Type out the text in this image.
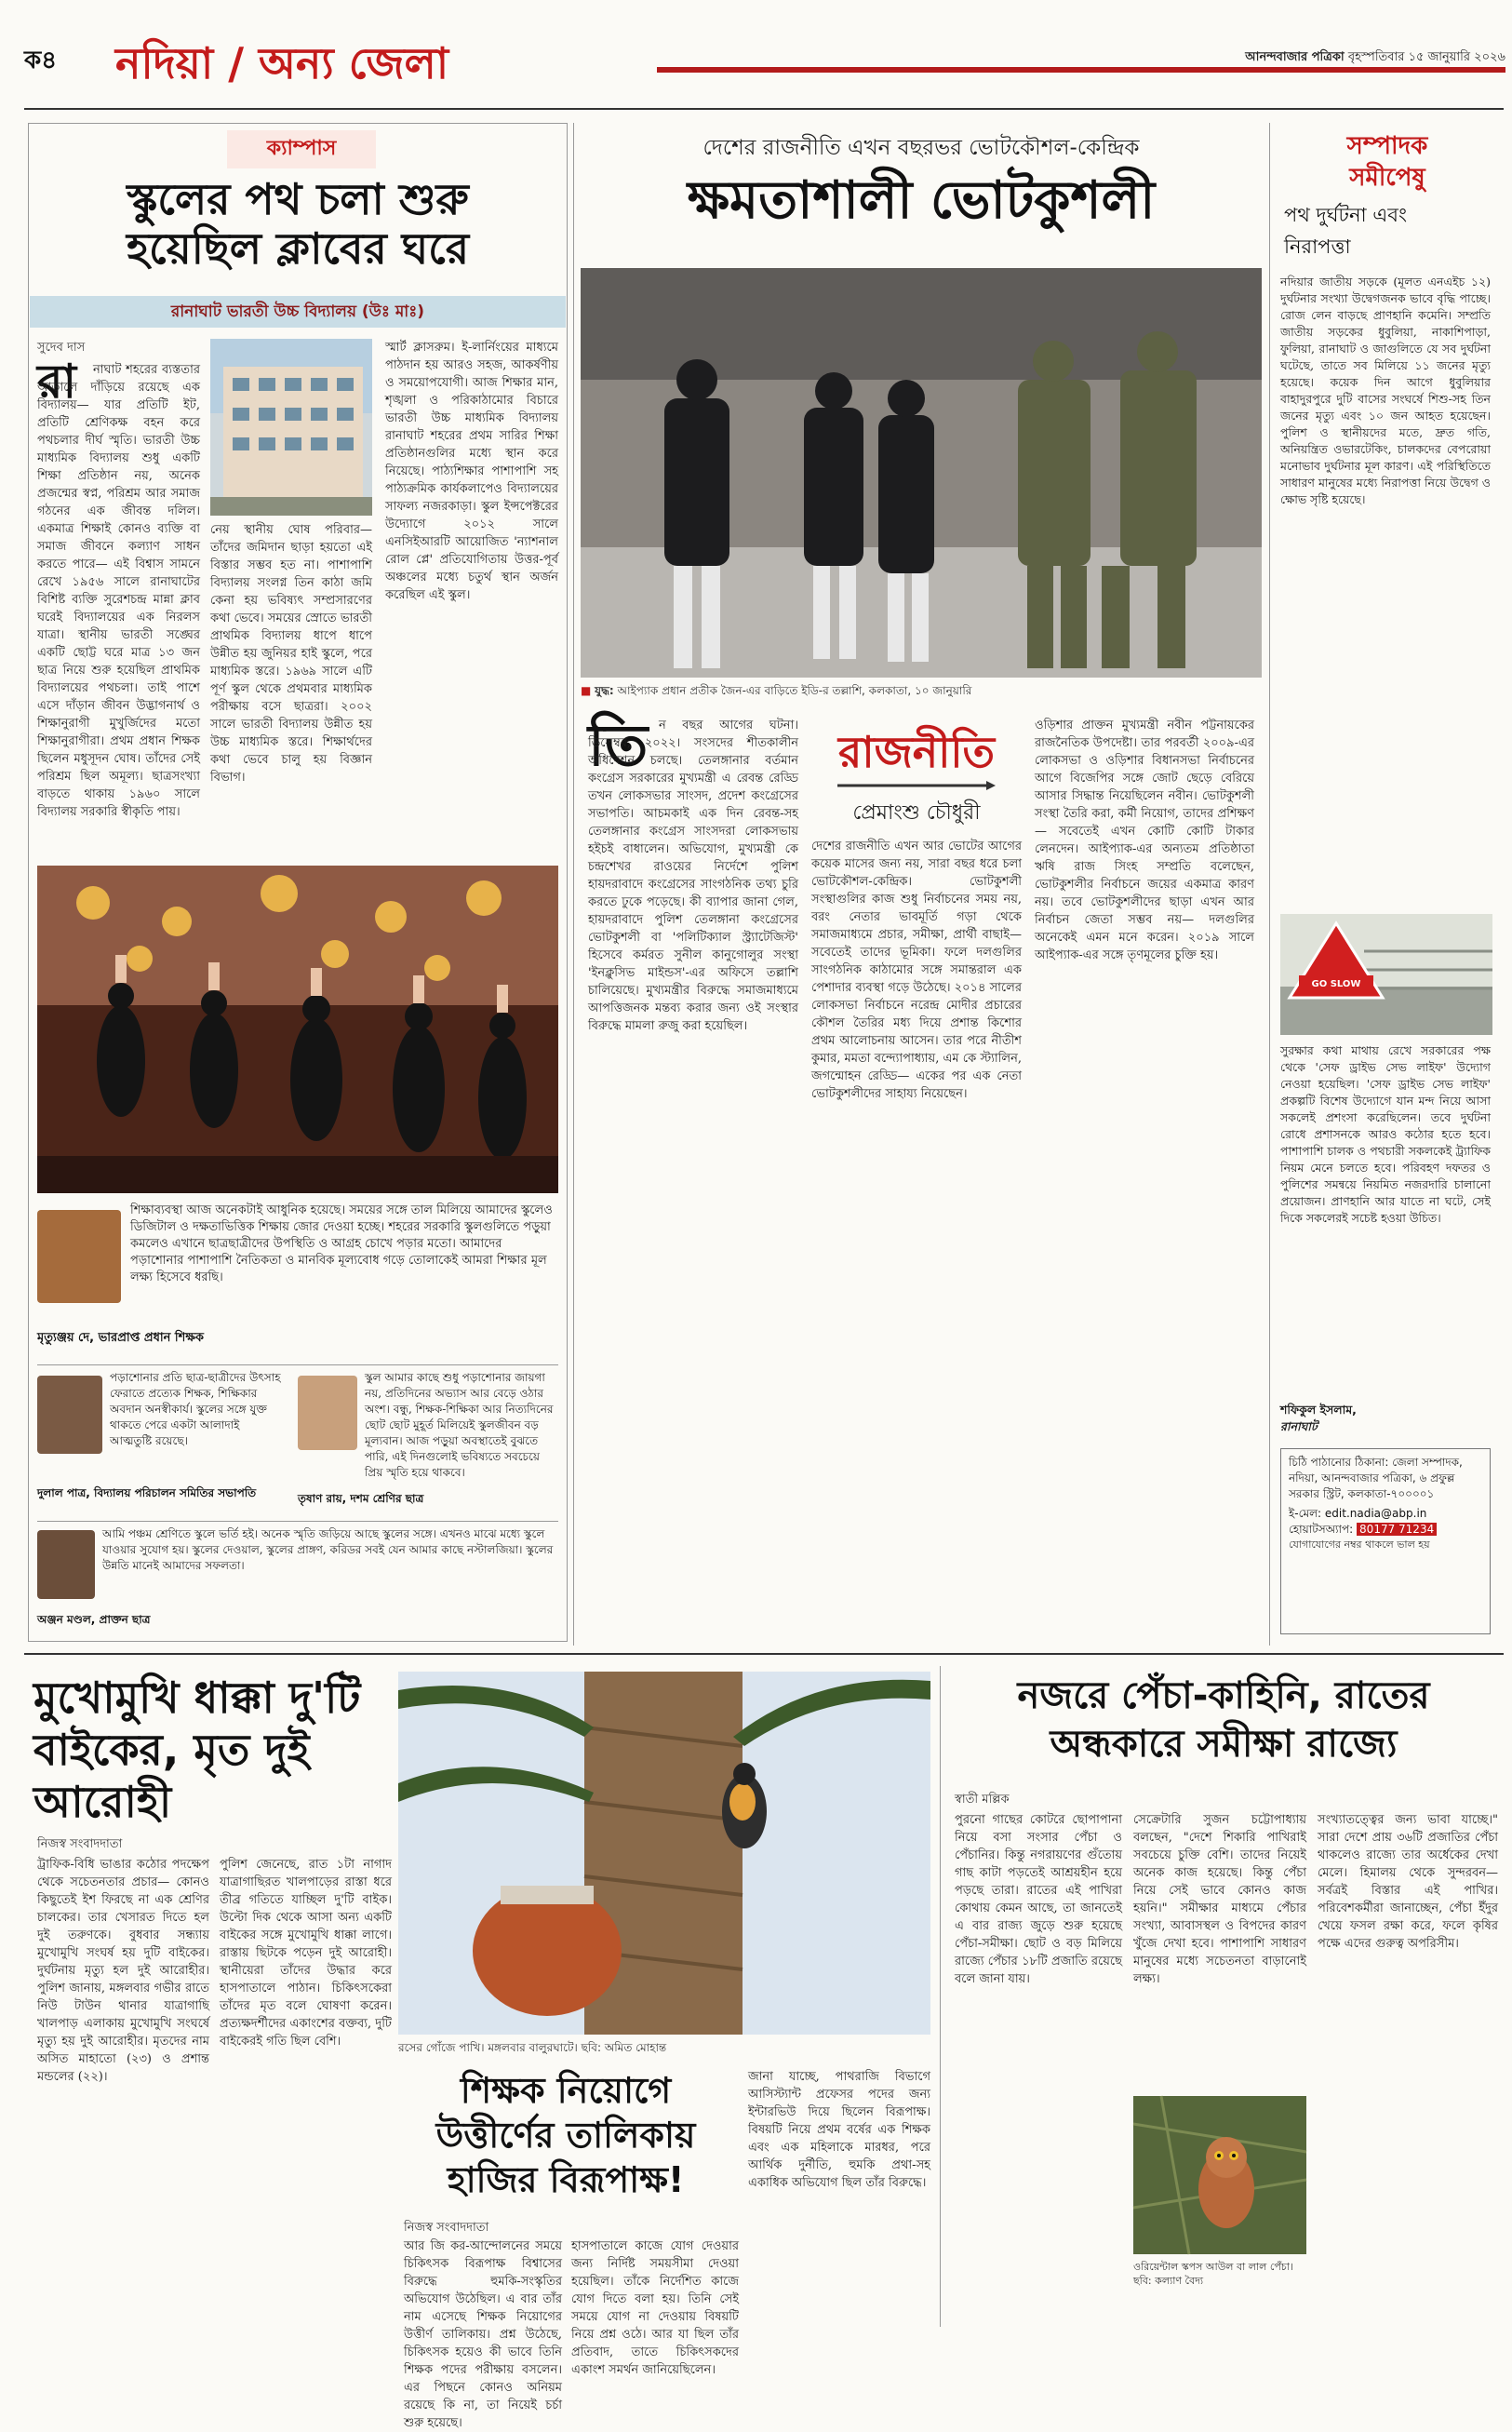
ক৪ নদিয়া / অন্য জেলা	আনন্দবাজার পত্রিকা বৃহস্পতিবার ১৫ জানুয়ারি ২০২৬
ক্যাম্পাস
স্কুলের পথ চলা শুরু হয়েছিল ক্লাবের ঘরে
রানাঘাট ভারতী উচ্চ বিদ্যালয় (উঃ মাঃ)
সুদেব দাস
রা	নাঘাট শহরের ব্যস্ততার আড়ালে দাঁড়িয়ে রয়েছে এক বিদ্যালয়— যার প্রতিটি ইট, প্রতিটি শ্রেণিকক্ষ বহন করে পথচলার দীর্ঘ স্মৃতি। ভারতী উচ্চ মাধ্যমিক বিদ্যালয় শুধু একটি শিক্ষা প্রতিষ্ঠান নয়, অনেক প্রজন্মের স্বপ্ন, পরিশ্রম আর সমাজ গঠনের এক জীবন্ত দলিল। একমাত্র শিক্ষাই কোনও ব্যক্তি বা সমাজ জীবনে কল্যাণ সাধন করতে পারে— এই বিশ্বাস সামনে রেখে ১৯৫৬ সালে রানাঘাটের বিশিষ্ট ব্যক্তি সুরেশচন্দ্র মান্না ক্লাব ঘরেই বিদ্যালয়ের এক নিরলস যাত্রা। স্থানীয় ভারতী সঙ্ঘের একটি ছোট্ট ঘরে মাত্র ১৩ জন ছাত্র নিয়ে শুরু হয়েছিল প্রাথমিক বিদ্যালয়ের পথচলা। তাই পাশে এসে দাঁড়ান জীবন উদ্ভাগনার্থ ও শিক্ষানুরাগী মুখুর্জিদের মতো শিক্ষানুরাগীরা। প্রথম প্রধান শিক্ষক ছিলেন মধুসূদন ঘোষ। তাঁদের সেই পরিশ্রম ছিল অমূল্য। ছাত্রসংখ্যা বাড়তে থাকায় ১৯৬০ সালে বিদ্যালয় সরকারি স্বীকৃতি পায়।
নেয় স্থানীয় ঘোষ পরিবার— তাঁদের জমিদান ছাড়া হয়তো এই বিস্তার সম্ভব হত না। পাশাপাশি বিদ্যালয় সংলগ্ন তিন কাঠা জমি কেনা হয় ভবিষ্যৎ সম্প্রসারণের কথা ভেবে। সময়ের স্রোতে ভারতী প্রাথমিক বিদ্যালয় ধাপে ধাপে উন্নীত হয় জুনিয়র হাই স্কুলে, পরে মাধ্যমিক স্তরে। ১৯৬৯ সালে এটি পূর্ণ স্কুল থেকে প্রথমবার মাধ্যমিক পরীক্ষায় বসে ছাত্ররা। ২০০২ সালে ভারতী বিদ্যালয় উন্নীত হয় উচ্চ মাধ্যমিক স্তরে। শিক্ষার্থদের কথা ভেবে চালু হয় বিজ্ঞান বিভাগ।
স্মার্ট ক্লাসরুম। ই-লার্নিংয়ের মাধ্যমে পাঠদান হয় আরও সহজ, আকর্ষণীয় ও সময়োপযোগী। আজ শিক্ষার মান, শৃঙ্খলা ও পরিকাঠামোর বিচারে ভারতী উচ্চ মাধ্যমিক বিদ্যালয় রানাঘাট শহরের প্রথম সারির শিক্ষা প্রতিষ্ঠানগুলির মধ্যে স্থান করে নিয়েছে। পাঠ্যশিক্ষার পাশাপাশি সহ পাঠ্যক্রমিক কার্যকলাপেও বিদ্যালয়ের সাফল্য নজরকাড়া। স্কুল ইন্সপেক্টরের উদ্যোগে ২০১২ সালে এনসিইআরটি আয়োজিত 'ন্যাশনাল রোল প্লে' প্রতিযোগিতায় উত্তর-পূর্ব অঞ্চলের মধ্যে চতুর্থ স্থান অর্জন করেছিল এই স্কুল।
শিক্ষাব্যবস্থা আজ অনেকটাই আধুনিক হয়েছে। সময়ের সঙ্গে তাল মিলিয়ে আমাদের স্কুলেও ডিজিটাল ও দক্ষতাভিত্তিক শিক্ষায় জোর দেওয়া হচ্ছে। শহরের সরকারি স্কুলগুলিতে পড়ুয়া কমলেও এখানে ছাত্রছাত্রীদের উপস্থিতি ও আগ্রহ চোখে পড়ার মতো। আমাদের পড়াশোনার পাশাপাশি নৈতিকতা ও মানবিক মূল্যবোধ গড়ে তোলাকেই আমরা শিক্ষার মূল লক্ষ্য হিসেবে ধরছি।
মৃত্যুঞ্জয় দে, ভারপ্রাপ্ত প্রধান শিক্ষক
পড়াশোনার প্রতি ছাত্র-ছাত্রীদের উৎসাহ ফেরাতে প্রত্যেক শিক্ষক, শিক্ষিকার অবদান অনস্বীকার্য। স্কুলের সঙ্গে যুক্ত থাকতে পেরে একটা আলাদাই আত্মতুষ্টি রয়েছে।
দুলাল পাত্র, বিদ্যালয় পরিচালন সমিতির সভাপতি
স্কুল আমার কাছে শুধু পড়াশোনার জায়গা নয়, প্রতিদিনের অভ্যাস আর বেড়ে ওঠার অংশ। বন্ধু, শিক্ষক-শিক্ষিকা আর নিত্যদিনের ছোট ছোট মুহূর্ত মিলিয়েই স্কুলজীবন বড় মূল্যবান। আজ পড়ুয়া অবস্থাতেই বুঝতে পারি, এই দিনগুলোই ভবিষ্যতে সবচেয়ে প্রিয় স্মৃতি হয়ে থাকবে।
তৃষাণ রায়, দশম শ্রেণির ছাত্র
আমি পঞ্চম শ্রেণিতে স্কুলে ভর্তি হই। অনেক স্মৃতি জড়িয়ে আছে স্কুলের সঙ্গে। এখনও মাঝে মধ্যে স্কুলে যাওয়ার সুযোগ হয়। স্কুলের দেওয়াল, স্কুলের প্রাঙ্গণ, করিডর সবই যেন আমার কাছে নস্টালজিয়া। স্কুলের উন্নতি মানেই আমাদের সফলতা।
অঞ্জন মণ্ডল, প্রাক্তন ছাত্র
দেশের রাজনীতি এখন বছরভর ভোটকৌশল-কেন্দ্রিক
ক্ষমতাশালী ভোটকুশলী
■ যুদ্ধ: আইপ্যাক প্রধান প্রতীক জৈন-এর বাড়িতে ইডি-র তল্লাশি, কলকাতা, ১০ জানুয়ারি
তি ন বছর আগের ঘটনা। ডিসেম্বর, ২০২২। সংসদের শীতকালীন অধিবেশন চলছে। তেলঙ্গানার বর্তমান কংগ্রেস সরকারের মুখ্যমন্ত্রী এ রেবন্ত রেড্ডি তখন লোকসভার সাংসদ, প্রদেশ কংগ্রেসের সভাপতি। আচমকাই এক দিন রেবন্ত-সহ তেলঙ্গানার কংগ্রেস সাংসদরা লোকসভায় হইচই বাধালেন। অভিযোগ, মুখ্যমন্ত্রী কে চন্দ্রশেখর রাওয়ের নির্দেশে পুলিশ হায়দরাবাদে কংগ্রেসের সাংগঠনিক তথ্য চুরি করতে ঢুকে পড়েছে। কী ব্যাপার জানা গেল, হায়দরাবাদে পুলিশ তেলঙ্গানা কংগ্রেসের ভোটকুশলী বা 'পলিটিক্যাল স্ট্র্যাটেজিস্ট' হিসেবে কর্মরত সুনীল কানুগোলুর সংস্থা 'ইনক্লুসিভ মাইন্ডস'-এর অফিসে তল্লাশি চালিয়েছে। মুখ্যমন্ত্রীর বিরুদ্ধে সমাজমাধ্যমে আপত্তিজনক মন্তব্য করার জন্য ওই সংস্থার বিরুদ্ধে মামলা রুজু করা হয়েছিল।
রাজনীতি
প্রেমাংশু চৌধুরী
দেশের রাজনীতি এখন আর ভোটের আগের কয়েক মাসের জন্য নয়, সারা বছর ধরে চলা ভোটকৌশল-কেন্দ্রিক। ভোটকুশলী সংস্থাগুলির কাজ শুধু নির্বাচনের সময় নয়, বরং নেতার ভাবমূর্তি গড়া থেকে সমাজমাধ্যমে প্রচার, সমীক্ষা, প্রার্থী বাছাই— সবেতেই তাদের ভূমিকা। ফলে দলগুলির সাংগঠনিক কাঠামোর সঙ্গে সমান্তরাল এক পেশাদার ব্যবস্থা গড়ে উঠেছে। ২০১৪ সালের লোকসভা নির্বাচনে নরেন্দ্র মোদীর প্রচারের কৌশল তৈরির মধ্য দিয়ে প্রশান্ত কিশোর প্রথম আলোচনায় আসেন। তার পরে নীতীশ কুমার, মমতা বন্দ্যোপাধ্যায়, এম কে স্ট্যালিন, জগন্মোহন রেড্ডি— একের পর এক নেতা ভোটকুশলীদের সাহায্য নিয়েছেন।
ওড়িশার প্রাক্তন মুখ্যমন্ত্রী নবীন পট্টনায়কের রাজনৈতিক উপদেষ্টা। তার পরবর্তী ২০০৯-এর লোকসভা ও ওড়িশার বিধানসভা নির্বাচনের আগে বিজেপির সঙ্গে জোট ছেড়ে বেরিয়ে আসার সিদ্ধান্ত নিয়েছিলেন নবীন। ভোটকুশলী সংস্থা তৈরি করা, কর্মী নিয়োগ, তাদের প্রশিক্ষণ— সবেতেই এখন কোটি কোটি টাকার লেনদেন। আইপ্যাক-এর অন্যতম প্রতিষ্ঠাতা ঋষি রাজ সিংহ সম্প্রতি বলেছেন, ভোটকুশলীর নির্বাচনে জয়ের একমাত্র কারণ নয়। তবে ভোটকুশলীদের ছাড়া এখন আর নির্বাচন জেতা সম্ভব নয়— দলগুলির অনেকেই এমন মনে করেন। ২০১৯ সালে আইপ্যাক-এর সঙ্গে তৃণমূলের চুক্তি হয়।
সম্পাদক
সমীপেষু
পথ দুর্ঘটনা এবং নিরাপত্তা
নদিয়ার জাতীয় সড়কে (মূলত এনএইচ ১২) দুর্ঘটনার সংখ্যা উদ্বেগজনক ভাবে বৃদ্ধি পাচ্ছে। রোজ লেন বাড়ছে প্রাণহানি কমেনি। সম্প্রতি জাতীয় সড়কের ধুবুলিয়া, নাকাশিপাড়া, ফুলিয়া, রানাঘাট ও জাগুলিতে যে সব দুর্ঘটনা ঘটেছে, তাতে সব মিলিয়ে ১১ জনের মৃত্যু হয়েছে। কয়েক দিন আগে ধুবুলিয়ার বাহাদুরপুরে দুটি বাসের সংঘর্ষে শিশু-সহ তিন জনের মৃত্যু এবং ১০ জন আহত হয়েছেন। পুলিশ ও স্থানীয়দের মতে, দ্রুত গতি, অনিয়ন্ত্রিত ওভারটেকিং, চালকদের বেপরোয়া মনোভাব দুর্ঘটনার মূল কারণ। এই পরিস্থিতিতে সাধারণ মানুষের মধ্যে নিরাপত্তা নিয়ে উদ্বেগ ও ক্ষোভ সৃষ্টি হয়েছে।
GO SLOW
সুরক্ষার কথা মাথায় রেখে সরকারের পক্ষ থেকে 'সেফ ড্রাইভ সেভ লাইফ' উদ্যোগ নেওয়া হয়েছিল। 'সেফ ড্রাইভ সেভ লাইফ' প্রকল্পটি বিশেষ উদ্যোগে যান মন্দ নিয়ে আসা সকলেই প্রশংসা করেছিলেন। তবে দুর্ঘটনা রোধে প্রশাসনকে আরও কঠোর হতে হবে। পাশাপাশি চালক ও পথচারী সকলকেই ট্র্যাফিক নিয়ম মেনে চলতে হবে। পরিবহণ দফতর ও পুলিশের সমন্বয়ে নিয়মিত নজরদারি চালানো প্রয়োজন। প্রাণহানি আর যাতে না ঘটে, সেই দিকে সকলেরই সচেষ্ট হওয়া উচিত।
শফিকুল ইসলাম,
রানাঘাট
চিঠি পাঠানোর ঠিকানা: জেলা সম্পাদক, নদিয়া, আনন্দবাজার পত্রিকা, ৬ প্রফুল্ল সরকার স্ট্রিট, কলকাতা-৭০০০০১
ই-মেল: edit.nadia@abp.in
হোয়াটসঅ্যাপ: 80177 71234
যোগাযোগের নম্বর থাকলে ভাল হয়
মুখোমুখি ধাক্কা দু'টি বাইকের, মৃত দুই আরোহী
নিজস্ব সংবাদদাতা
ট্রাফিক-বিধি ভাঙার কঠোর পদক্ষেপ থেকে সচেতনতার প্রচার— কোনও কিছুতেই ইশ ফিরছে না এক শ্রেণির চালকের। তার খেসারত দিতে হল দুই তরুণকে। বুধবার সন্ধ্যায় মুখোমুখি সংঘর্ষ হয় দুটি বাইকের। দুর্ঘটনায় মৃত্যু হল দুই আরোহীর। পুলিশ জানায়, মঙ্গলবার গভীর রাতে নিউ টাউন থানার যাত্রাগাছি খালপাড় এলাকায় মুখোমুখি সংঘর্ষে মৃত্যু হয় দুই আরোহীর। মৃতদের নাম অসিত মাহাতো (২৩) ও প্রশান্ত মন্ডলের (২২)।
পুলিশ জেনেছে, রাত ১টা নাগাদ যাত্রাগাছিরত খালপাড়ের রাস্তা ধরে তীব্র গতিতে যাচ্ছিল দু'টি বাইক। উল্টো দিক থেকে আসা অন্য একটি বাইকের সঙ্গে মুখোমুখি ধাক্কা লাগে। রাস্তায় ছিটকে পড়েন দুই আরোহী। স্থানীয়েরা তাঁদের উদ্ধার করে হাসপাতালে পাঠান। চিকিৎসকেরা তাঁদের মৃত বলে ঘোষণা করেন। প্রত্যক্ষদর্শীদের একাংশের বক্তব্য, দুটি বাইকেরই গতি ছিল বেশি।	রসের গোঁজে পাখি। মঙ্গলবার বালুরঘাটে। ছবি: অমিত মোহান্ত
শিক্ষক নিয়োগে উত্তীর্ণের তালিকায় হাজির বিরূপাক্ষ!
নিজস্ব সংবাদদাতা
আর জি কর-আন্দোলনের সময়ে চিকিৎসক বিরূপাক্ষ বিশ্বাসের বিরুদ্ধে হুমকি-সংস্কৃতির অভিযোগ উঠেছিল। এ বার তাঁর নাম এসেছে শিক্ষক নিয়োগের উত্তীর্ণ তালিকায়। প্রশ্ন উঠেছে, চিকিৎসক হয়েও কী ভাবে তিনি শিক্ষক পদের পরীক্ষায় বসলেন। এর পিছনে কোনও অনিয়ম রয়েছে কি না, তা নিয়েই চর্চা শুরু হয়েছে।
হাসপাতালে কাজে যোগ দেওয়ার জন্য নির্দিষ্ট সময়সীমা দেওয়া হয়েছিল। তাঁকে নির্দেশিত কাজে যোগ দিতে বলা হয়। তিনি সেই সময়ে যোগ না দেওয়ায় বিষয়টি নিয়ে প্রশ্ন ওঠে। আর যা ছিল তাঁর প্রতিবাদ, তাতে চিকিৎসকদের একাংশ সমর্থন জানিয়েছিলেন।
জানা যাচ্ছে, পাথরাজি বিভাগে আসিস্ট্যান্ট প্রফেসর পদের জন্য ইন্টারভিউ দিয়ে ছিলেন বিরূপাক্ষ। বিষয়টি নিয়ে প্রথম বর্ষের এক শিক্ষক এবং এক মহিলাকে মারধর, পরে আর্থিক দুর্নীতি, হুমকি প্রথা-সহ একাধিক অভিযোগ ছিল তাঁর বিরুদ্ধে।
নজরে পেঁচা-কাহিনি, রাতের অন্ধকারে সমীক্ষা রাজ্যে
স্বাতী মল্লিক
পুরনো গাছের কোটরে ছোপাপানা নিয়ে বসা সংসার পেঁচা ও পেঁচানির। কিন্তু নগরায়ণের গুঁতোয় গাছ কাটা পড়তেই আশ্রয়হীন হয়ে পড়ছে তারা। রাতের এই পাখিরা কোথায় কেমন আছে, তা জানতেই এ বার রাজ্য জুড়ে শুরু হয়েছে পেঁচা-সমীক্ষা। ছোট ও বড় মিলিয়ে রাজ্যে পেঁচার ১৮টি প্রজাতি রয়েছে বলে জানা যায়।
সেক্রেটারি সুজন চট্টোপাধ্যায় বলছেন, "দেশে শিকারি পাখিরাই সবচেয়ে চুক্তি বেশি। তাদের নিয়েই অনেক কাজ হয়েছে। কিন্তু পেঁচা নিয়ে সেই ভাবে কোনও কাজ হয়নি।" সমীক্ষার মাধ্যমে পেঁচার সংখ্যা, আবাসস্থল ও বিপদের কারণ খুঁজে দেখা হবে। পাশাপাশি সাধারণ মানুষের মধ্যে সচেতনতা বাড়ানোই লক্ষ্য।
সংখ্যাতত্ত্বের জন্য ভাবা যাচ্ছে।" সারা দেশে প্রায় ৩৬টি প্রজাতির পেঁচা থাকলেও রাজ্যে তার অর্ধেকের দেখা মেলে। হিমালয় থেকে সুন্দরবন— সর্বত্রই বিস্তার এই পাখির। পরিবেশকর্মীরা জানাচ্ছেন, পেঁচা ইঁদুর খেয়ে ফসল রক্ষা করে, ফলে কৃষির পক্ষে এদের গুরুত্ব অপরিসীম।
ওরিয়েন্টাল স্কপস আউল বা লাল পেঁচা। ছবি: কল্যাণ বৈদ্য
